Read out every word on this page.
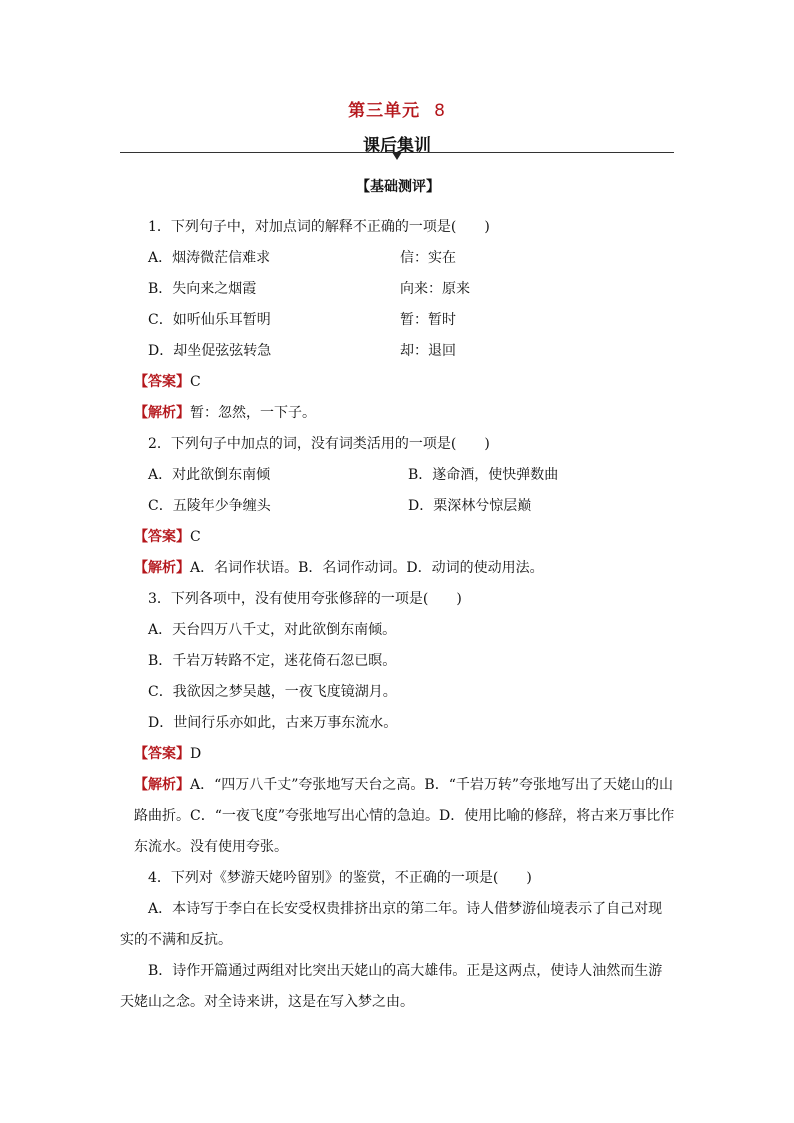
第三单元 8
课后集训
【基础测评】
1．下列句子中，对加点词的解释不正确的一项是(　　)
A．烟涛微茫信难求	信：实在
B．失向来之烟霞	向来：原来
C．如听仙乐耳暂明	暂：暂时
D．却坐促弦弦转急	却：退回
【答案】C
【解析】暂：忽然，一下子。
2．下列句子中加点的词，没有词类活用的一项是(　　)
A．对此欲倒东南倾	B．遂命酒，使快弹数曲
C．五陵年少争缠头	D．栗深林兮惊层巅
【答案】C
【解析】A．名词作状语。B．名词作动词。D．动词的使动用法。
3．下列各项中，没有使用夸张修辞的一项是(　　)
A．天台四万八千丈，对此欲倒东南倾。
B．千岩万转路不定，迷花倚石忽已暝。
C．我欲因之梦吴越，一夜飞度镜湖月。
D．世间行乐亦如此，古来万事东流水。
【答案】D
【解析】A．“四万八千丈”夸张地写天台之高。B．“千岩万转”夸张地写出了天姥山的山路曲折。C．“一夜飞度”夸张地写出心情的急迫。D．使用比喻的修辞，将古来万事比作东流水。没有使用夸张。
4．下列对《梦游天姥吟留别》的鉴赏，不正确的一项是(　　)
A．本诗写于李白在长安受权贵排挤出京的第二年。诗人借梦游仙境表示了自己对现实的不满和反抗。
B．诗作开篇通过两组对比突出天姥山的高大雄伟。正是这两点，使诗人油然而生游天姥山之念。对全诗来讲，这是在写入梦之由。
